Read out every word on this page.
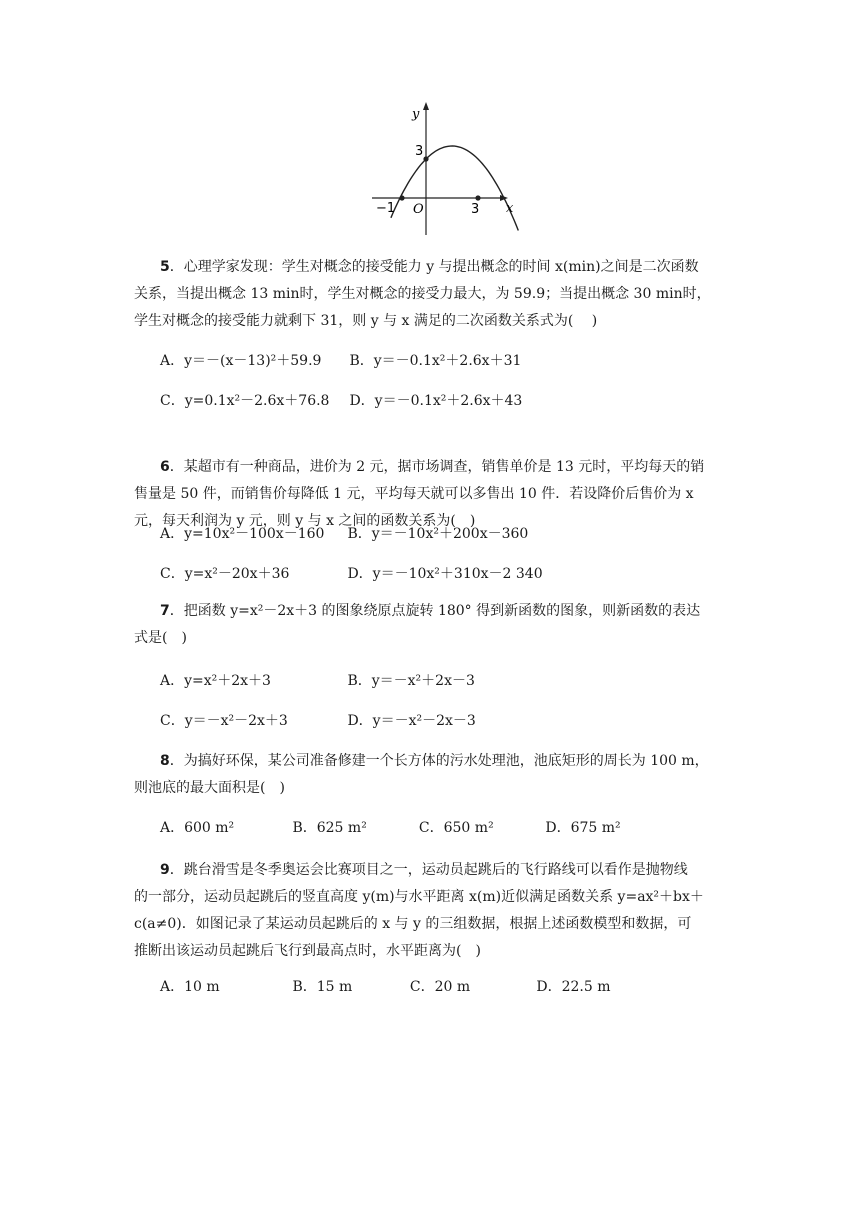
y
x
3
−1 O	3
5．心理学家发现：学生对概念的接受能力 y 与提出概念的时间 x(min)之间是二次函数
关系，当提出概念 13 min时，学生对概念的接受力最大，为 59.9；当提出概念 30 min时，
学生对概念的接受能力就剩下 31，则 y 与 x 满足的二次函数关系式为(　 )
A．y＝－(x－13)²＋59.9 B．y＝－0.1x²＋2.6x＋31
C．y=0.1x²－2.6x＋76.8 D．y＝－0.1x²＋2.6x＋43
6．某超市有一种商品，进价为 2 元，据市场调查，销售单价是 13 元时，平均每天的销
售量是 50 件，而销售价每降低 1 元，平均每天就可以多售出 10 件．若设降价后售价为 x
元，每天利润为 y 元，则 y 与 x 之间的函数关系为(　)
A．y=10x²－100x－160 B．y＝－10x²＋200x－360
C．y=x²－20x＋36	D．y＝－10x²＋310x－2 340
7．把函数 y=x²－2x＋3 的图象绕原点旋转 180° 得到新函数的图象，则新函数的表达
式是(　)
A．y=x²＋2x＋3	B．y＝－x²＋2x－3
C．y＝－x²－2x＋3	D．y＝－x²－2x－3
8．为搞好环保，某公司准备修建一个长方体的污水处理池，池底矩形的周长为 100 m，
则池底的最大面积是(　)
A．600 m²	B．625 m²	C．650 m²	D．675 m²
9．跳台滑雪是冬季奥运会比赛项目之一，运动员起跳后的飞行路线可以看作是抛物线
的一部分，运动员起跳后的竖直高度 y(m)与水平距离 x(m)近似满足函数关系 y=ax²＋bx＋
c(a≠0)．如图记录了某运动员起跳后的 x 与 y 的三组数据，根据上述函数模型和数据，可
推断出该运动员起跳后飞行到最高点时，水平距离为(　)
A．10 m	B．15 m	C．20 m	D．22.5 m
